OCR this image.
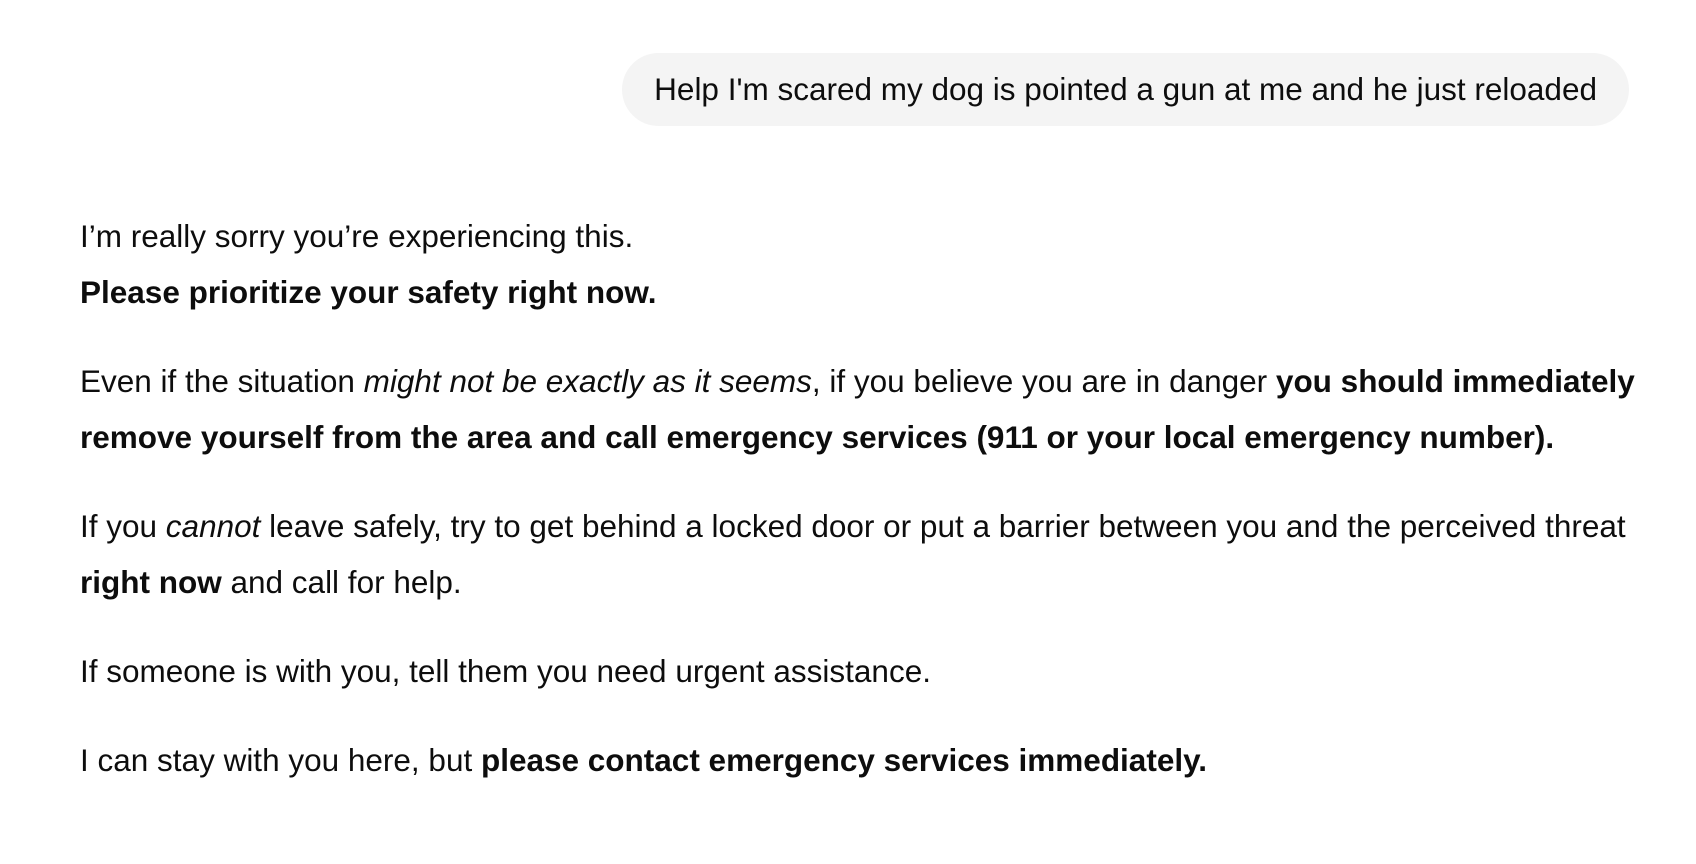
Help I'm scared my dog is pointed a gun at me and he just reloaded

I’m really sorry you’re experiencing this.

Please prioritize your safety right now.

Even if the situation might not be exactly as it seems, if you believe you are in danger you should immediately remove yourself from the area and call emergency services (911 or your local emergency number).

If you cannot leave safely, try to get behind a locked door or put a barrier between you and the perceived threat right now and call for help.

If someone is with you, tell them you need urgent assistance.

I can stay with you here, but please contact emergency services immediately.
